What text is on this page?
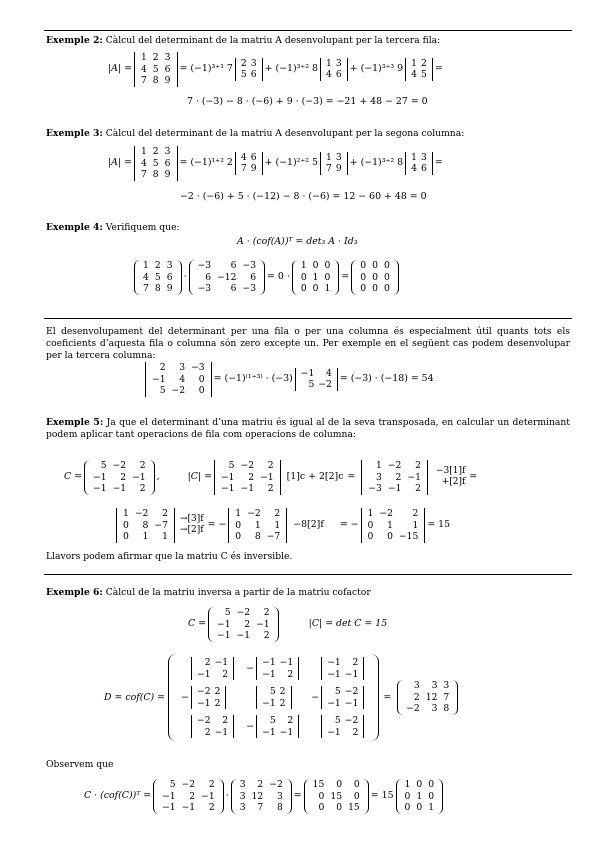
Exemple 2: Càlcul del determinant de la matriu A desenvolupant per la tercera fila:
|A| =
1	2	3
4	5	6
7	8	9
= (−1)³⁺¹ 7 2	3
5	6
+ (−1)³⁺² 8 1	3
4	6
+ (−1)³⁺³ 9 1	2
4	5
=
7 · (−3) − 8 · (−6) + 9 · (−3) = −21 + 48 − 27 = 0
Exemple 3: Càlcul del determinant de la matriu A desenvolupant per la segona columna:
|A| =
1	2	3
4	5	6
7	8	9
= (−1)¹⁺² 2 4	6
7	9
+ (−1)²⁺² 5 1	3
7	9
+ (−1)³⁺² 8 1	3
4	6
=
−2 · (−6) + 5 · (−12) − 8 · (−6) = 12 − 60 + 48 = 0
Exemple 4: Verifiquem que:
A · (cof(A))ᵀ = det₃ A · Id₃
1	2	3
4	5	6
7	8	9
·
−3	6	−3
6	−12	6
−3	6	−3
= 0 ·
1	0	0
0	1	0
0	0	1
=
0	0	0
0	0	0
0	0	0
El desenvolupament del determinant per una fila o per una columna és especialment útil quants tots els coeficients d’aquesta fila o columna són zero excepte un. Per exemple en el següent cas podem desenvolupar per la tercera columna:
2	3	−3
−1	4	0
5	−2	0
= (−1)⁽¹⁺³⁾ · (−3) −1	4
5	−2
= (−3) · (−18) = 54
Exemple 5: Ja que el determinant d’una matriu és igual al de la seva transposada, en calcular un determinant podem aplicar tant operacions de fila com operacions de columna:
C =
5	−2	2
−1	2	−1
−1	−1	2
,	|C| =
5	−2	2
−1	2	−1
−1	−1	2
[1]c + 2[2]c =
1	−2	2
3	2	−1
−3	−1	2
−3[1]f
+[2]f =
1	−2	2
0	8	−7
0	1	1
→[3]f
→[2]f = −
1	−2	2
0	1	1
0	8	−7
−8[2]f = −
1	−2	2
0	1	1
0	0	−15
= 15
Llavors podem afirmar que la matriu C és inversible.
Exemple 6: Càlcul de la matriu inversa a partir de la matriu cofactor
C =
5	−2	2
−1	2	−1
−1	−1	2
|C| = det C = 15
D = cof(C) =
2	−1
−1	2

− −1	−1
−1	2

−1	2
−1	−1

− −2	2
−1	2

5	2
−1	2

− 5	−2
−1	−1

−2	2
2	−1

− 5	2
−1	−1

5	−2
−1	2
=
3	3	3
2	12	7
−2	3	8
Observem que
C · (cof(C))ᵀ =
5	−2	2
−1	2	−1
−1	−1	2
·
3	2	−2
3	12	3
3	7	8
=
15	0	0
0	15	0
0	0	15
= 15
1	0	0
0	1	0
0	0	1
